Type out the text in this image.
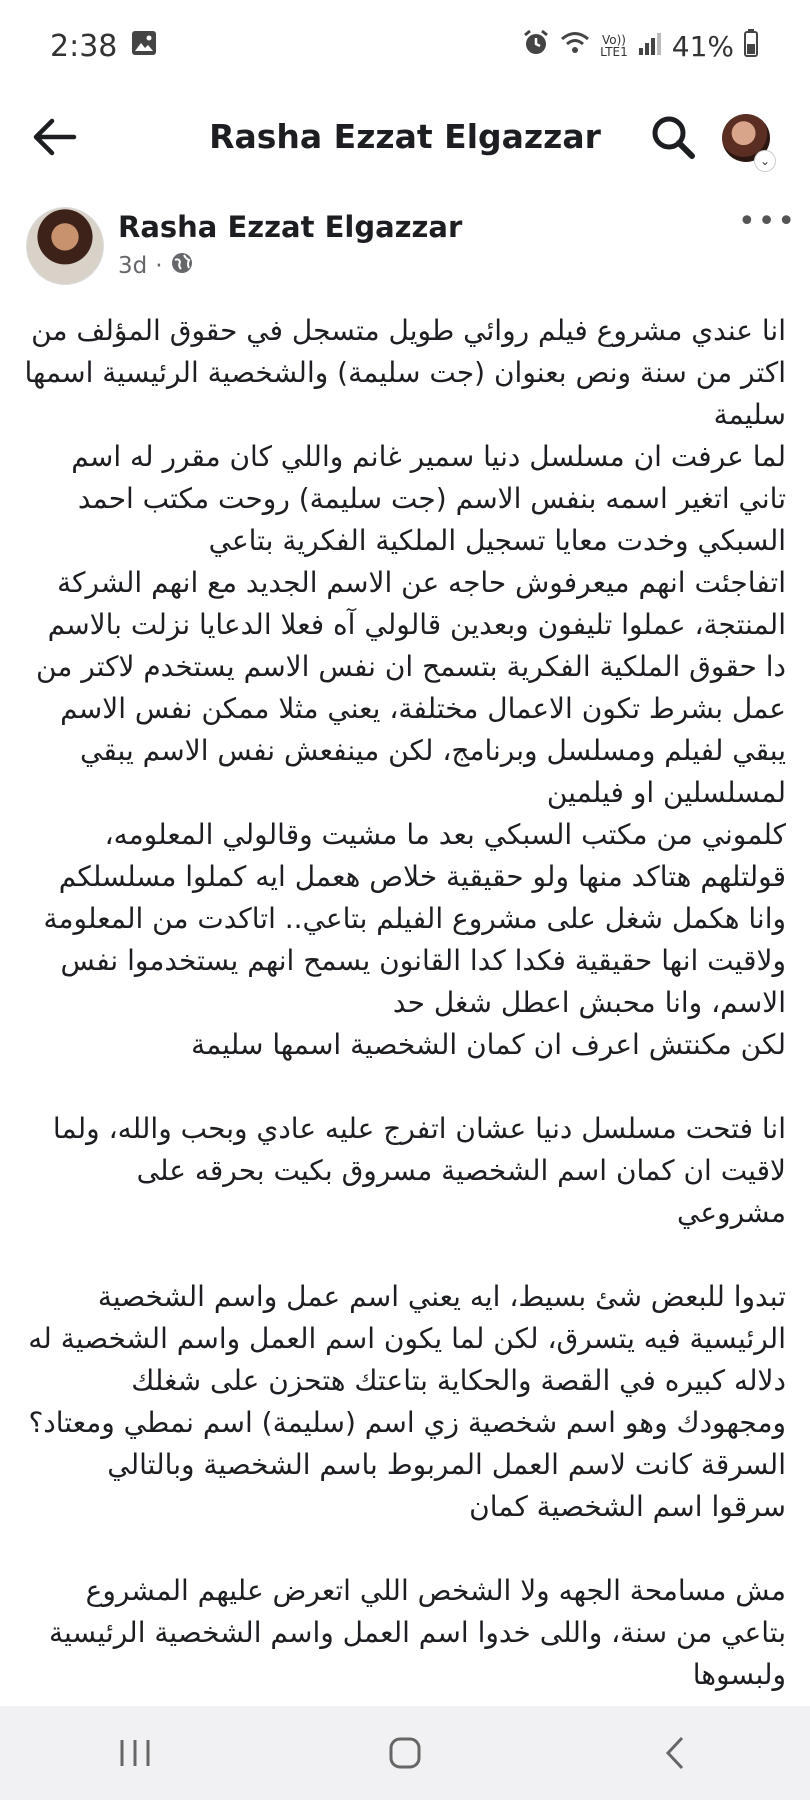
2:38	Vo))
LTE1 41%
Rasha Ezzat Elgazzar
⌄
Rasha Ezzat Elgazzar
3d ·
•••

انا عندي مشروع فيلم روائي طويل متسجل في حقوق المؤلف من اكتر من سنة ونص بعنوان (جت سليمة) والشخصية الرئيسية اسمها سليمة

لما عرفت ان مسلسل دنيا سمير غانم واللي كان مقرر له اسم تاني اتغير اسمه بنفس الاسم (جت سليمة) روحت مكتب احمد السبكي وخدت معايا تسجيل الملكية الفكرية بتاعي

اتفاجئت انهم ميعرفوش حاجه عن الاسم الجديد مع انهم الشركة المنتجة، عملوا تليفون وبعدين قالولي آه فعلا الدعايا نزلت بالاسم دا حقوق الملكية الفكرية بتسمح ان نفس الاسم يستخدم لاكتر من عمل بشرط تكون الاعمال مختلفة، يعني مثلا ممكن نفس الاسم يبقي لفيلم ومسلسل وبرنامج، لكن مينفعش نفس الاسم يبقي لمسلسلين او فيلمين

كلموني من مكتب السبكي بعد ما مشيت وقالولي المعلومه، قولتلهم هتاكد منها ولو حقيقية خلاص هعمل ايه كملوا مسلسلكم وانا هكمل شغل على مشروع الفيلم بتاعي.. اتاكدت من المعلومة ولاقيت انها حقيقية فكدا كدا القانون يسمح انهم يستخدموا نفس الاسم، وانا محبش اعطل شغل حد

لكن مكنتش اعرف ان كمان الشخصية اسمها سليمة

انا فتحت مسلسل دنيا عشان اتفرج عليه عادي وبحب والله، ولما لاقيت ان كمان اسم الشخصية مسروق بكيت بحرقه على مشروعي

تبدوا للبعض شئ بسيط، ايه يعني اسم عمل واسم الشخصية الرئيسية فيه يتسرق، لكن لما يكون اسم العمل واسم الشخصية له دلاله كبيره في القصة والحكاية بتاعتك هتحزن على شغلك ومجهودك وهو اسم شخصية زي اسم (سليمة) اسم نمطي ومعتاد؟

السرقة كانت لاسم العمل المربوط باسم الشخصية وبالتالي سرقوا اسم الشخصية كمان

مش مسامحة الجهه ولا الشخص اللي اتعرض عليهم المشروع بتاعي من سنة، واللى خدوا اسم العمل واسم الشخصية الرئيسية ولبسوها
